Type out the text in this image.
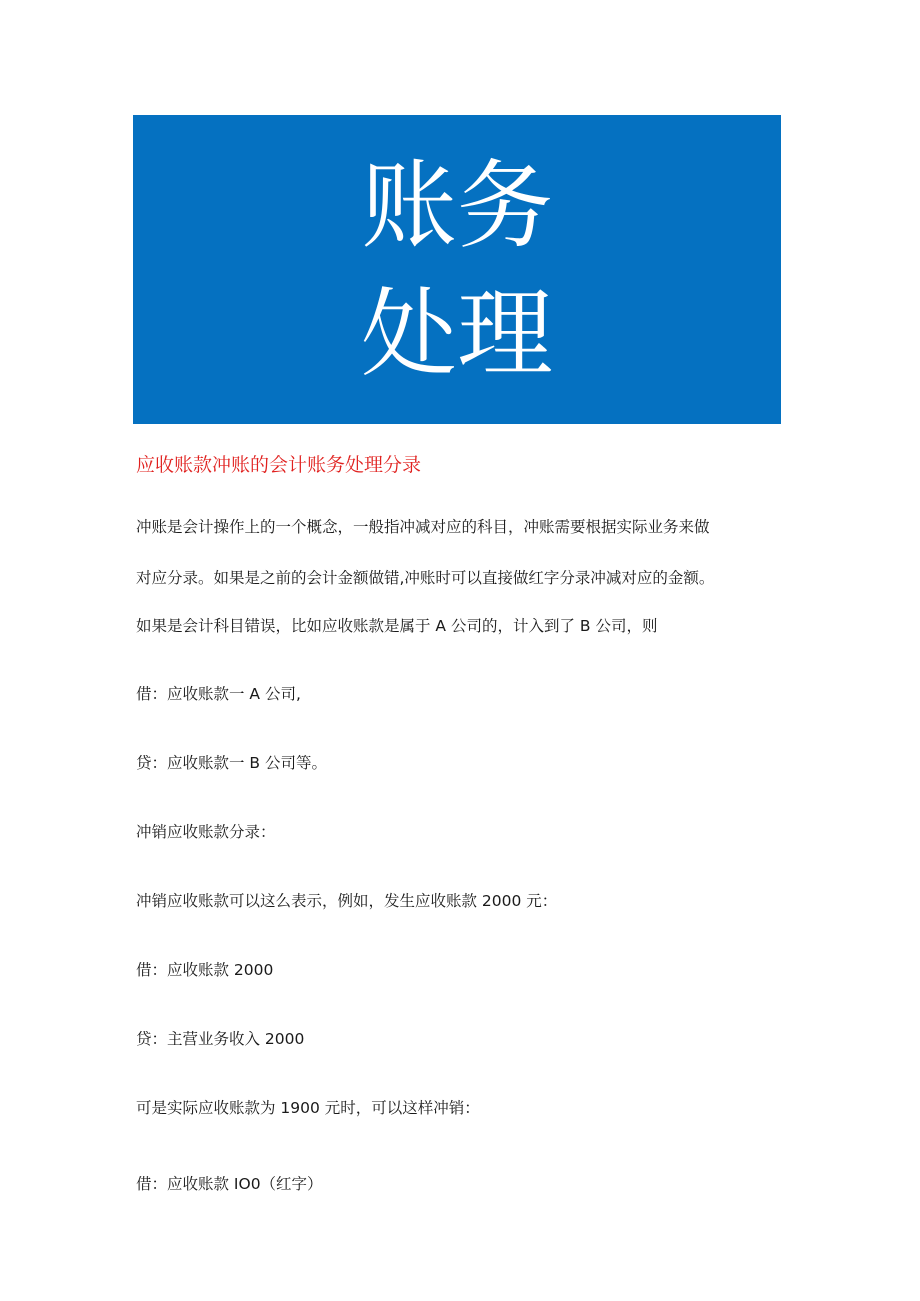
账务
处理
应收账款冲账的会计账务处理分录
冲账是会计操作上的一个概念，一般指冲减对应的科目，冲账需要根据实际业务来做
对应分录。如果是之前的会计金额做错,冲账时可以直接做红字分录冲减对应的金额。
如果是会计科目错误，比如应收账款是属于 A 公司的，计入到了 B 公司，则
借：应收账款一 A 公司,
贷：应收账款一 B 公司等。
冲销应收账款分录：
冲销应收账款可以这么表示，例如，发生应收账款 2000 元：
借：应收账款 2000
贷：主营业务收入 2000
可是实际应收账款为 1900 元时，可以这样冲销：
借：应收账款 IO0（红字）
